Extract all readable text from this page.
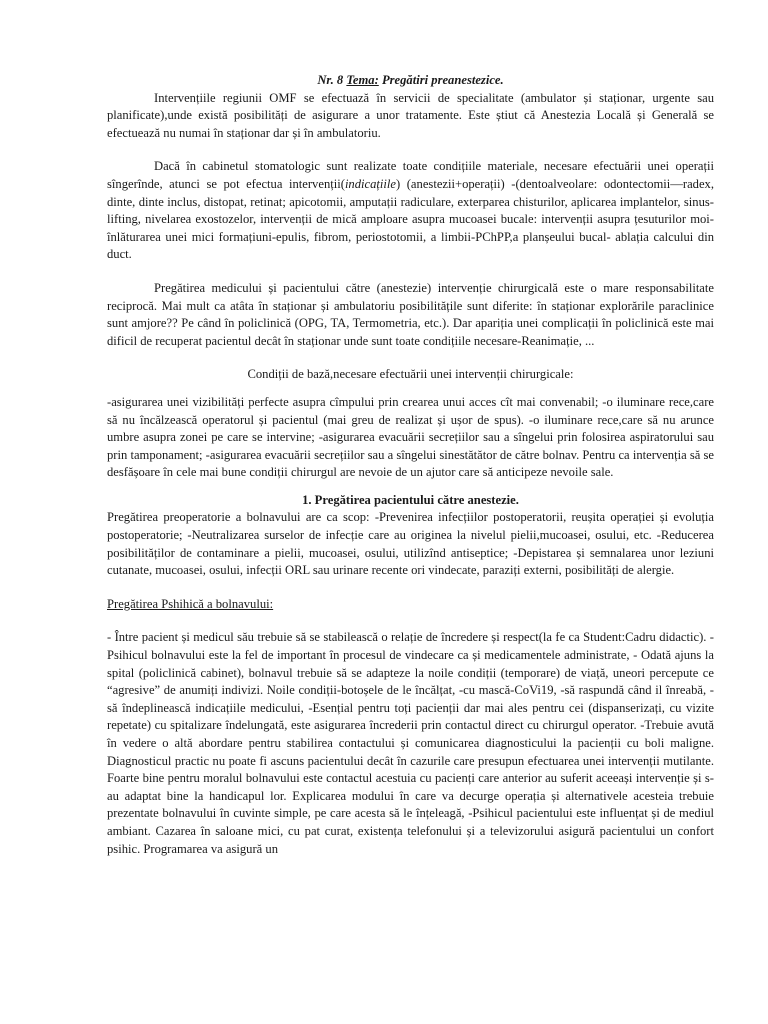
Nr. 8 Tema: Pregătiri preanestezice.

Intervențiile regiunii OMF se efectuază în servicii de specialitate (ambulator și staționar, urgente sau planificate),unde există posibilități de asigurare a unor tratamente. Este știut că Anestezia Locală și Generală se efectuează nu numai în staționar dar și în ambulatoriu.

Dacă în cabinetul stomatologic sunt realizate toate condițiile materiale, necesare efectuării unei operații sîngerînde, atunci se pot efectua intervenții(indicațiile) (anestezii+operații) -(dentoalveolare: odontectomii—radex, dinte, dinte inclus, distopat, retinat; apicotomii, amputații radiculare, exterparea chisturilor, aplicarea implantelor, sinus-lifting, nivelarea exostozelor, intervenții de mică amploare asupra mucoasei bucale: intervenții asupra țesuturilor moi-înlăturarea unei mici formațiuni-epulis, fibrom, periostotomii, a limbii-PChPP,a planșeului bucal- ablația calcului din duct.

Pregătirea medicului și pacientului către (anestezie) intervenție chirurgicală este o mare responsabilitate reciprocă. Mai mult ca atâta în staționar și ambulatoriu posibilitățile sunt diferite: în staționar explorările paraclinice sunt amjore?? Pe când în policlinică (OPG, TA, Termometria, etc.). Dar apariția unei complicații în policlinică este mai dificil de recuperat pacientul decât în staționar unde sunt toate condițiile necesare-Reanimație, ...

Condiții de bază,necesare efectuării unei intervenții chirurgicale:

-asigurarea unei vizibilități perfecte asupra cîmpului prin crearea unui acces cît mai convenabil; -o iluminare rece,care să nu încălzească operatorul și pacientul (mai greu de realizat și ușor de spus). -o iluminare rece,care să nu arunce umbre asupra zonei pe care se intervine; -asigurarea evacuării secrețiilor sau a sîngelui prin folosirea aspiratorului sau prin tamponament; -asigurarea evacuării secrețiilor sau a sîngelui sinestătător de către bolnav. Pentru ca intervenția să se desfășoare în cele mai bune condiții chirurgul are nevoie de un ajutor care să anticipeze nevoile sale.

1. Pregătirea pacientului către anestezie.

Pregătirea preoperatorie a bolnavului are ca scop: -Prevenirea infecțiilor postoperatorii, reușita operației și evoluția postoperatorie; -Neutralizarea surselor de infecție care au originea la nivelul pielii,mucoasei, osului, etc. -Reducerea posibilităților de contaminare a pielii, mucoasei, osului, utilizînd antiseptice; -Depistarea și semnalarea unor leziuni cutanate, mucoasei, osului, infecții ORL sau urinare recente ori vindecate, paraziți externi, posibilități de alergie.

Pregătirea Pshihică a bolnavului:

- Între pacient și medicul său trebuie să se stabilească o relație de încredere și respect(la fe ca Student:Cadru didactic). -Psihicul bolnavului este la fel de important în procesul de vindecare ca și medicamentele administrate, - Odată ajuns la spital (policlinică cabinet), bolnavul trebuie să se adapteze la noile condiții (temporare) de viață, uneori percepute ce “agresive” de anumiți indivizi. Noile condiții-botoșele de le încălțat, -cu mască-CoVi19, -să raspundă când il înreabă, - să îndeplinească indicațiile medicului, -Esențial pentru toți pacienții dar mai ales pentru cei (dispanserizați, cu vizite repetate) cu spitalizare îndelungată, este asigurarea încrederii prin contactul direct cu chirurgul operator. -Trebuie avută în vedere o altă abordare pentru stabilirea contactului și comunicarea diagnosticului la pacienții cu boli maligne. Diagnosticul practic nu poate fi ascuns pacientului decât în cazurile care presupun efectuarea unei intervenții mutilante. Foarte bine pentru moralul bolnavului este contactul acestuia cu pacienți care anterior au suferit aceeași intervenție și s-au adaptat bine la handicapul lor. Explicarea modului în care va decurge operația și alternativele acesteia trebuie prezentate bolnavului în cuvinte simple, pe care acesta să le înțeleagă, -Psihicul pacientului este influențat și de mediul ambiant. Cazarea în saloane mici, cu pat curat, existența telefonului și a televizorului asigură pacientului un confort psihic. Programarea va asigură un
